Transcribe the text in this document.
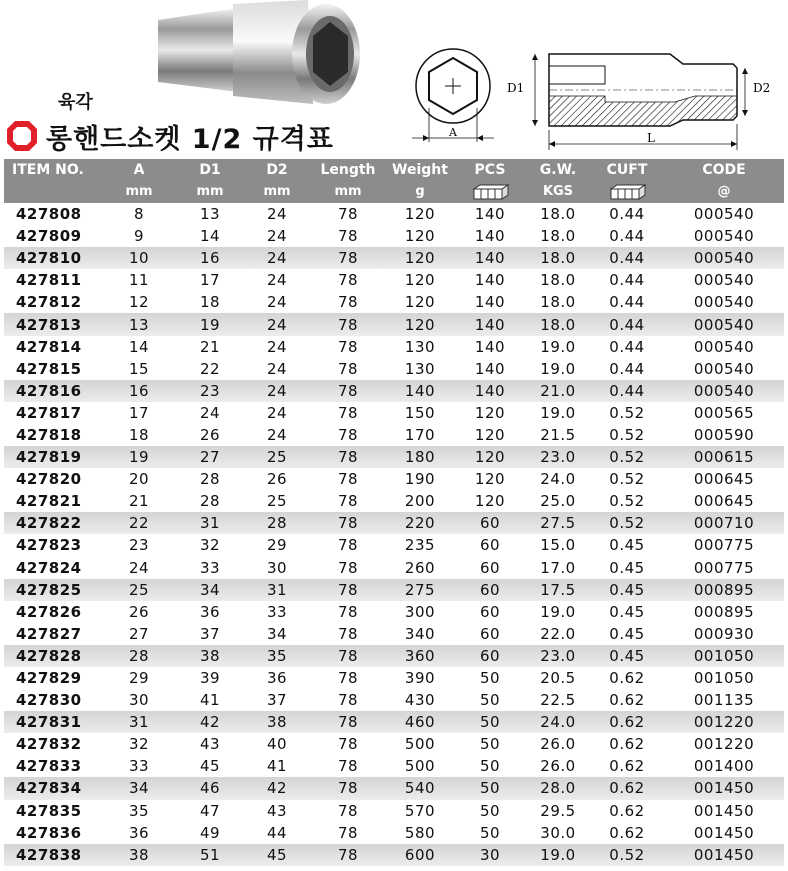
육각
롱핸드소켓 1/2 규격표	A
D1	D2
L
ITEM NO.	A	D1	D2	Length	Weight	PCS	G.W.	CUFT	CODE
	mm	mm	mm	mm	g		KGS		@
427808	8	13	24	78	120	140	18.0	0.44	000540
427809	9	14	24	78	120	140	18.0	0.44	000540
427810	10	16	24	78	120	140	18.0	0.44	000540
427811	11	17	24	78	120	140	18.0	0.44	000540
427812	12	18	24	78	120	140	18.0	0.44	000540
427813	13	19	24	78	120	140	18.0	0.44	000540
427814	14	21	24	78	130	140	19.0	0.44	000540
427815	15	22	24	78	130	140	19.0	0.44	000540
427816	16	23	24	78	140	140	21.0	0.44	000540
427817	17	24	24	78	150	120	19.0	0.52	000565
427818	18	26	24	78	170	120	21.5	0.52	000590
427819	19	27	25	78	180	120	23.0	0.52	000615
427820	20	28	26	78	190	120	24.0	0.52	000645
427821	21	28	25	78	200	120	25.0	0.52	000645
427822	22	31	28	78	220	60	27.5	0.52	000710
427823	23	32	29	78	235	60	15.0	0.45	000775
427824	24	33	30	78	260	60	17.0	0.45	000775
427825	25	34	31	78	275	60	17.5	0.45	000895
427826	26	36	33	78	300	60	19.0	0.45	000895
427827	27	37	34	78	340	60	22.0	0.45	000930
427828	28	38	35	78	360	60	23.0	0.45	001050
427829	29	39	36	78	390	50	20.5	0.62	001050
427830	30	41	37	78	430	50	22.5	0.62	001135
427831	31	42	38	78	460	50	24.0	0.62	001220
427832	32	43	40	78	500	50	26.0	0.62	001220
427833	33	45	41	78	500	50	26.0	0.62	001400
427834	34	46	42	78	540	50	28.0	0.62	001450
427835	35	47	43	78	570	50	29.5	0.62	001450
427836	36	49	44	78	580	50	30.0	0.62	001450
427838	38	51	45	78	600	30	19.0	0.52	001450
